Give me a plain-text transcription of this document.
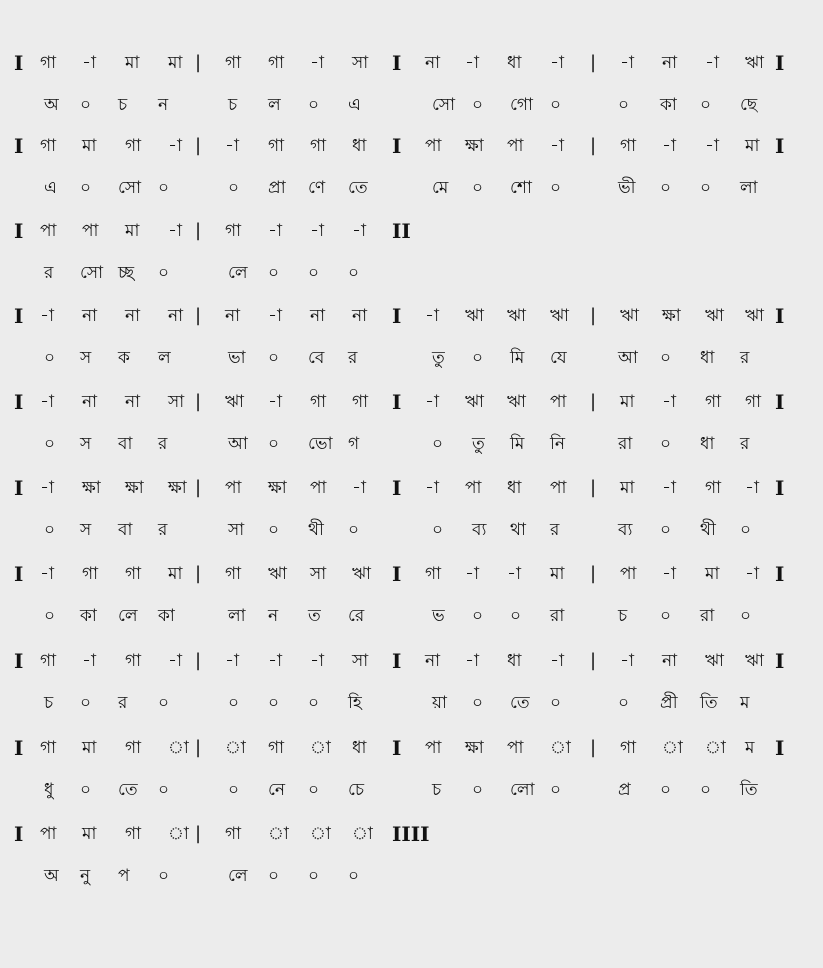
I গা -া মা মা | গা গা -া সা I না -া ধা -া | -া না -া ঋা I
অ ০ চ ন	চ ল ০ এ	সো ০ গো ০	০ কা ০ ছে
I গা মা গা -া | -া গা গা ধা I পা ক্ষা পা -া | গা -া -া মা I
এ ০ সো ০	০ প্রা ণে তে	মে ০ শো ০	ভী ০ ০ লা
I পা পা মা -া | গা -া -া -া II
র সো চ্ছ ০	লে ০ ০ ০
I -া না না না | না -া না না I -া ঋা ঋা ঋা | ঋা ক্ষা ঋা ঋা I
০ স ক ল	ভা ০ বে র	তু ০ মি যে	আ ০ ধা র
I -া না না সা | ঋা -া গা গা I -া ঋা ঋা পা | মা -া গা গা I
০ স বা র	আ ০ ভো গ	০ তু মি নি	রা ০ ধা র
I -া ক্ষা ক্ষা ক্ষা | পা ক্ষা পা -া I -া পা ধা পা | মা -া গা -া I
০ স বা র	সা ০ থী ০	০ ব্য থা র	ব্য ০ থী ০
I -া গা গা মা | গা ঋা সা ঋা I গা -া -া মা | পা -া মা -া I
০ কা লে কা	লা ন ত রে	ভ ০ ০ রা	চ ০ রা ০
I গা -া গা -া | -া -া -া সা I না -া ধা -া | -া না ঋা ঋা I
চ ০ র ০	০ ০ ০ হি	য়া ০ তে ০	০ প্রী তি ম
I গা মা গা া | া গা া ধা I পা ক্ষা পা া | গা া া ম I
ধু ০ তে ০	০ নে ০ চে	চ ০ লো ০	প্র ০ ০ তি
I পা মা গা া | গা া া া IIII
অ নু প ০	লে ০ ০ ০
